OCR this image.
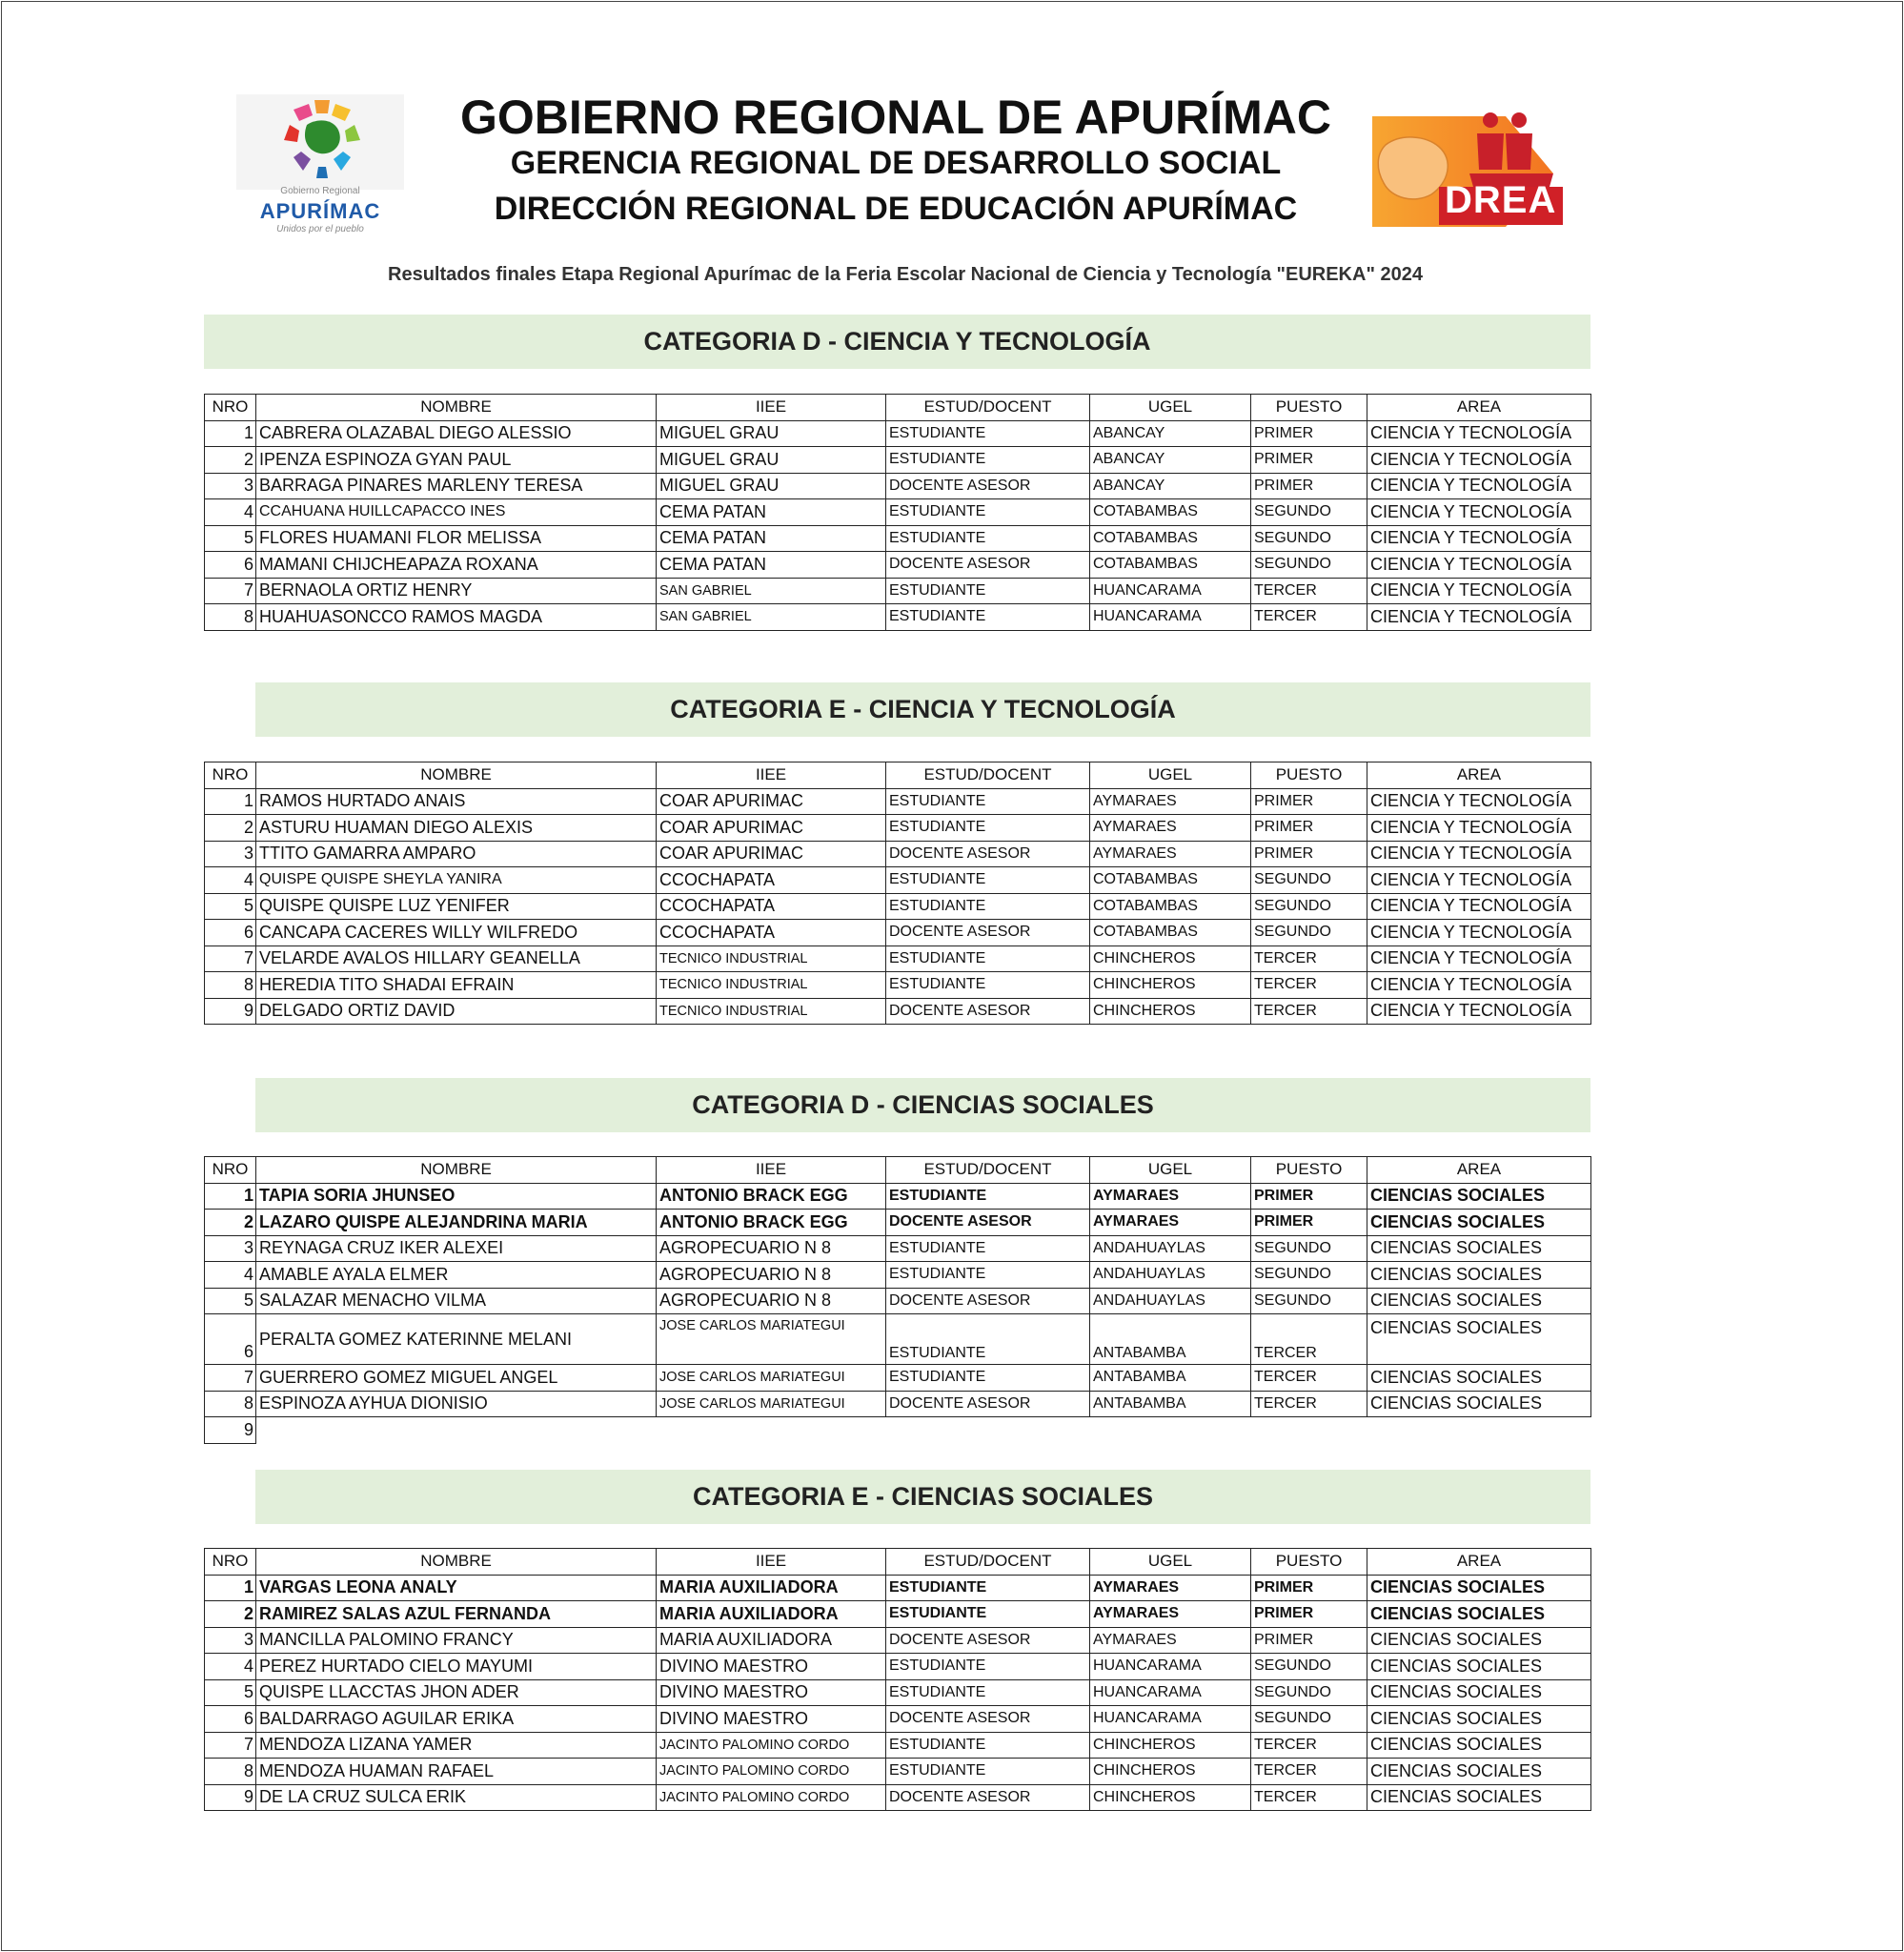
Gobierno Regional
APURÍMAC
Unidos por el pueblo
GOBIERNO REGIONAL DE APURÍMAC
GERENCIA REGIONAL DE DESARROLLO SOCIAL
DIRECCIÓN REGIONAL DE EDUCACIÓN APURÍMAC	DREA
Resultados finales Etapa Regional Apurímac de la Feria Escolar Nacional de Ciencia y Tecnología "EUREKA" 2024
CATEGORIA D - CIENCIA Y TECNOLOGÍA
CATEGORIA E - CIENCIA Y TECNOLOGÍA
CATEGORIA D - CIENCIAS SOCIALES
CATEGORIA E - CIENCIAS SOCIALES
NRO	NOMBRE	IIEE	ESTUD/DOCENT	UGEL	PUESTO	AREA
1	CABRERA OLAZABAL DIEGO ALESSIO	MIGUEL GRAU	ESTUDIANTE	ABANCAY	PRIMER	CIENCIA Y TECNOLOGÍA
2	IPENZA ESPINOZA GYAN PAUL	MIGUEL GRAU	ESTUDIANTE	ABANCAY	PRIMER	CIENCIA Y TECNOLOGÍA
3	BARRAGA PINARES MARLENY TERESA	MIGUEL GRAU	DOCENTE ASESOR	ABANCAY	PRIMER	CIENCIA Y TECNOLOGÍA
4	CCAHUANA HUILLCAPACCO INES	CEMA PATAN	ESTUDIANTE	COTABAMBAS	SEGUNDO	CIENCIA Y TECNOLOGÍA
5	FLORES HUAMANI FLOR MELISSA	CEMA PATAN	ESTUDIANTE	COTABAMBAS	SEGUNDO	CIENCIA Y TECNOLOGÍA
6	MAMANI CHIJCHEAPAZA ROXANA	CEMA PATAN	DOCENTE ASESOR	COTABAMBAS	SEGUNDO	CIENCIA Y TECNOLOGÍA
7	BERNAOLA ORTIZ HENRY	SAN GABRIEL	ESTUDIANTE	HUANCARAMA	TERCER	CIENCIA Y TECNOLOGÍA
8	HUAHUASONCCO RAMOS MAGDA	SAN GABRIEL	ESTUDIANTE	HUANCARAMA	TERCER	CIENCIA Y TECNOLOGÍA
NRO	NOMBRE	IIEE	ESTUD/DOCENT	UGEL	PUESTO	AREA
1	RAMOS HURTADO ANAIS	COAR APURIMAC	ESTUDIANTE	AYMARAES	PRIMER	CIENCIA Y TECNOLOGÍA
2	ASTURU HUAMAN DIEGO ALEXIS	COAR APURIMAC	ESTUDIANTE	AYMARAES	PRIMER	CIENCIA Y TECNOLOGÍA
3	TTITO GAMARRA AMPARO	COAR APURIMAC	DOCENTE ASESOR	AYMARAES	PRIMER	CIENCIA Y TECNOLOGÍA
4	QUISPE QUISPE SHEYLA YANIRA	CCOCHAPATA	ESTUDIANTE	COTABAMBAS	SEGUNDO	CIENCIA Y TECNOLOGÍA
5	QUISPE QUISPE LUZ YENIFER	CCOCHAPATA	ESTUDIANTE	COTABAMBAS	SEGUNDO	CIENCIA Y TECNOLOGÍA
6	CANCAPA CACERES WILLY WILFREDO	CCOCHAPATA	DOCENTE ASESOR	COTABAMBAS	SEGUNDO	CIENCIA Y TECNOLOGÍA
7	VELARDE AVALOS HILLARY GEANELLA	TECNICO INDUSTRIAL	ESTUDIANTE	CHINCHEROS	TERCER	CIENCIA Y TECNOLOGÍA
8	HEREDIA TITO SHADAI EFRAIN	TECNICO INDUSTRIAL	ESTUDIANTE	CHINCHEROS	TERCER	CIENCIA Y TECNOLOGÍA
9	DELGADO ORTIZ DAVID	TECNICO INDUSTRIAL	DOCENTE ASESOR	CHINCHEROS	TERCER	CIENCIA Y TECNOLOGÍA
NRO	NOMBRE	IIEE	ESTUD/DOCENT	UGEL	PUESTO	AREA
1	TAPIA SORIA JHUNSEO	ANTONIO BRACK EGG	ESTUDIANTE	AYMARAES	PRIMER	CIENCIAS SOCIALES
2	LAZARO QUISPE ALEJANDRINA MARIA	ANTONIO BRACK EGG	DOCENTE ASESOR	AYMARAES	PRIMER	CIENCIAS SOCIALES
3	REYNAGA CRUZ IKER ALEXEI	AGROPECUARIO N 8	ESTUDIANTE	ANDAHUAYLAS	SEGUNDO	CIENCIAS SOCIALES
4	AMABLE AYALA ELMER	AGROPECUARIO N 8	ESTUDIANTE	ANDAHUAYLAS	SEGUNDO	CIENCIAS SOCIALES
5	SALAZAR MENACHO VILMA	AGROPECUARIO N 8	DOCENTE ASESOR	ANDAHUAYLAS	SEGUNDO	CIENCIAS SOCIALES
6	PERALTA GOMEZ KATERINNE MELANI	JOSE CARLOS MARIATEGUI	ESTUDIANTE	ANTABAMBA	TERCER	CIENCIAS SOCIALES
7	GUERRERO GOMEZ MIGUEL ANGEL	JOSE CARLOS MARIATEGUI	ESTUDIANTE	ANTABAMBA	TERCER	CIENCIAS SOCIALES
8	ESPINOZA AYHUA DIONISIO	JOSE CARLOS MARIATEGUI	DOCENTE ASESOR	ANTABAMBA	TERCER	CIENCIAS SOCIALES
9						
NRO	NOMBRE	IIEE	ESTUD/DOCENT	UGEL	PUESTO	AREA
1	VARGAS LEONA ANALY	MARIA AUXILIADORA	ESTUDIANTE	AYMARAES	PRIMER	CIENCIAS SOCIALES
2	RAMIREZ SALAS AZUL FERNANDA	MARIA AUXILIADORA	ESTUDIANTE	AYMARAES	PRIMER	CIENCIAS SOCIALES
3	MANCILLA PALOMINO FRANCY	MARIA AUXILIADORA	DOCENTE ASESOR	AYMARAES	PRIMER	CIENCIAS SOCIALES
4	PEREZ HURTADO CIELO MAYUMI	DIVINO MAESTRO	ESTUDIANTE	HUANCARAMA	SEGUNDO	CIENCIAS SOCIALES
5	QUISPE LLACCTAS JHON ADER	DIVINO MAESTRO	ESTUDIANTE	HUANCARAMA	SEGUNDO	CIENCIAS SOCIALES
6	BALDARRAGO AGUILAR ERIKA	DIVINO MAESTRO	DOCENTE ASESOR	HUANCARAMA	SEGUNDO	CIENCIAS SOCIALES
7	MENDOZA LIZANA YAMER	JACINTO PALOMINO CORDO	ESTUDIANTE	CHINCHEROS	TERCER	CIENCIAS SOCIALES
8	MENDOZA HUAMAN RAFAEL	JACINTO PALOMINO CORDO	ESTUDIANTE	CHINCHEROS	TERCER	CIENCIAS SOCIALES
9	DE LA CRUZ SULCA ERIK	JACINTO PALOMINO CORDO	DOCENTE ASESOR	CHINCHEROS	TERCER	CIENCIAS SOCIALES
